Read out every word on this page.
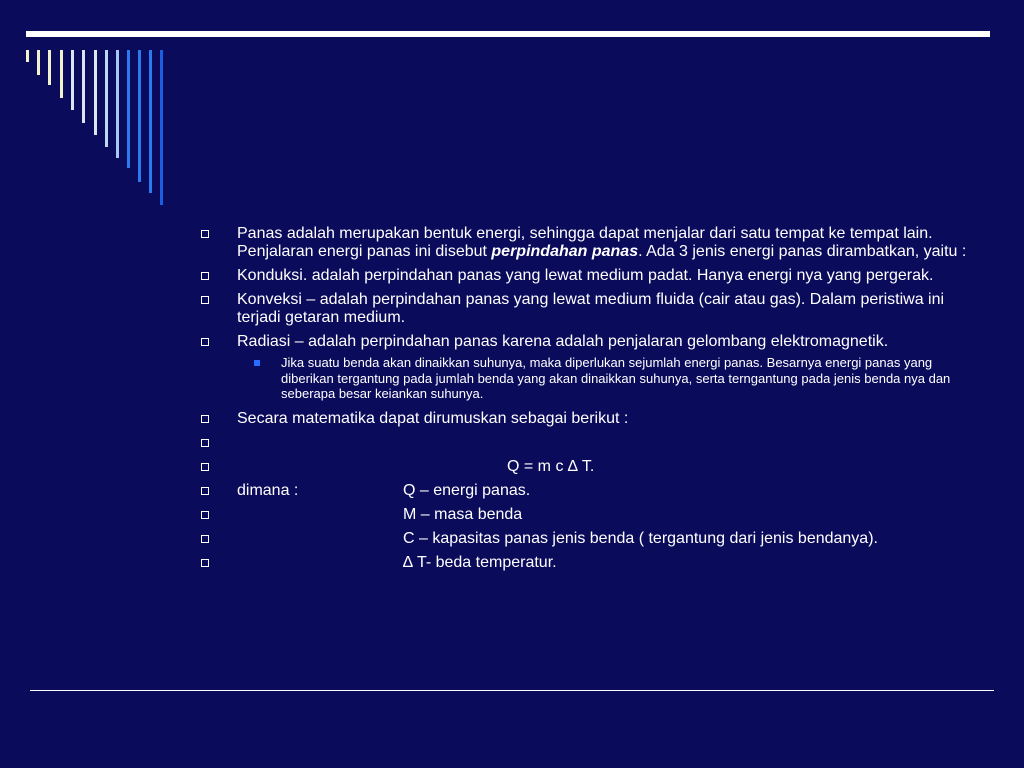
Panas adalah merupakan bentuk energi, sehingga dapat menjalar dari satu tempat ke tempat lain. Penjalaran energi panas ini disebut perpindahan panas. Ada 3 jenis energi panas dirambatkan, yaitu :
Konduksi. adalah perpindahan panas yang lewat medium padat. Hanya energi nya yang pergerak.
Konveksi – adalah perpindahan panas yang lewat medium fluida (cair atau gas). Dalam peristiwa ini terjadi getaran medium.
Radiasi – adalah perpindahan panas karena adalah penjalaran gelombang elektromagnetik.
Jika suatu benda akan dinaikkan suhunya, maka diperlukan sejumlah energi panas. Besarnya energi panas yang diberikan tergantung pada jumlah benda yang akan dinaikkan suhunya, serta terngantung pada jenis benda nya dan seberapa besar keiankan suhunya.
Secara matematika dapat dirumuskan sebagai berikut :
Q = m c ∆ T.
dimana :	Q – energi panas.
M – masa benda
C – kapasitas panas jenis benda ( tergantung dari jenis bendanya).
∆ T- beda temperatur.
